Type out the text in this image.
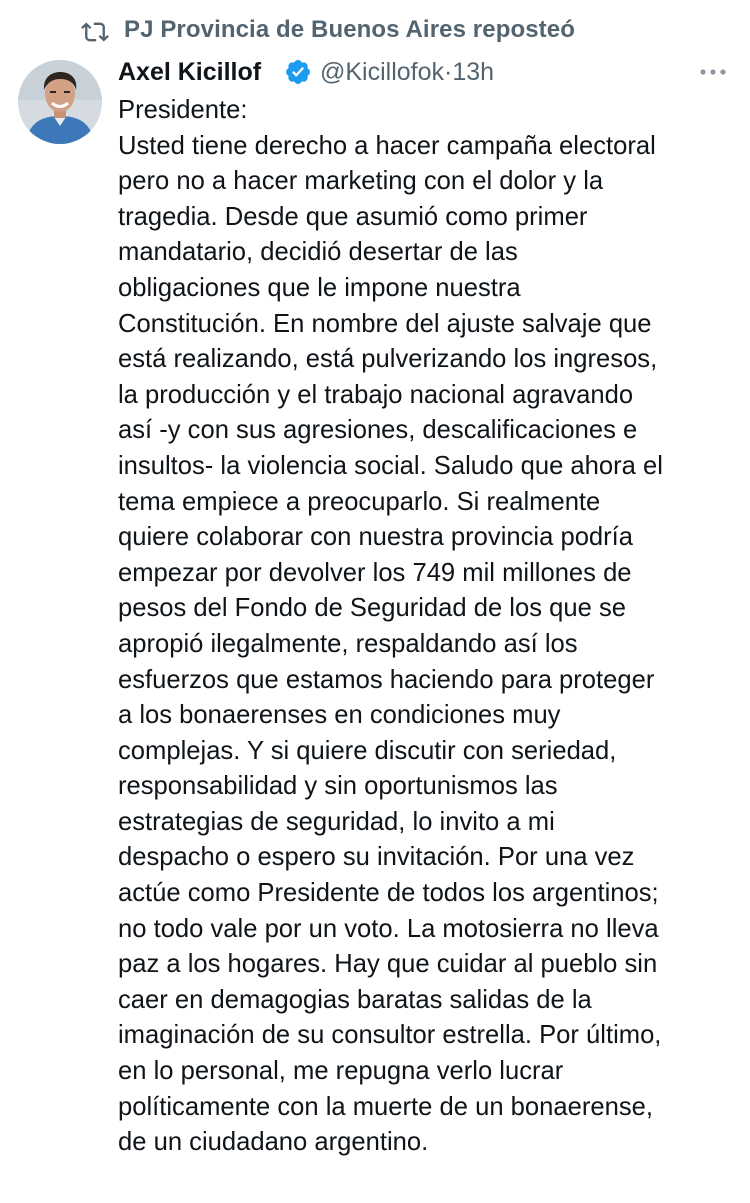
PJ Provincia de Buenos Aires reposteó
Axel Kicillof @Kicillofok·13h
Presidente:
Usted tiene derecho a hacer campaña electoral
pero no a hacer marketing con el dolor y la
tragedia. Desde que asumió como primer
mandatario, decidió desertar de las
obligaciones que le impone nuestra
Constitución. En nombre del ajuste salvaje que
está realizando, está pulverizando los ingresos,
la producción y el trabajo nacional agravando
así -y con sus agresiones, descalificaciones e
insultos- la violencia social. Saludo que ahora el
tema empiece a preocuparlo. Si realmente
quiere colaborar con nuestra provincia podría
empezar por devolver los 749 mil millones de
pesos del Fondo de Seguridad de los que se
apropió ilegalmente, respaldando así los
esfuerzos que estamos haciendo para proteger
a los bonaerenses en condiciones muy
complejas. Y si quiere discutir con seriedad,
responsabilidad y sin oportunismos las
estrategias de seguridad, lo invito a mi
despacho o espero su invitación. Por una vez
actúe como Presidente de todos los argentinos;
no todo vale por un voto. La motosierra no lleva
paz a los hogares. Hay que cuidar al pueblo sin
caer en demagogias baratas salidas de la
imaginación de su consultor estrella. Por último,
en lo personal, me repugna verlo lucrar
políticamente con la muerte de un bonaerense,
de un ciudadano argentino.
